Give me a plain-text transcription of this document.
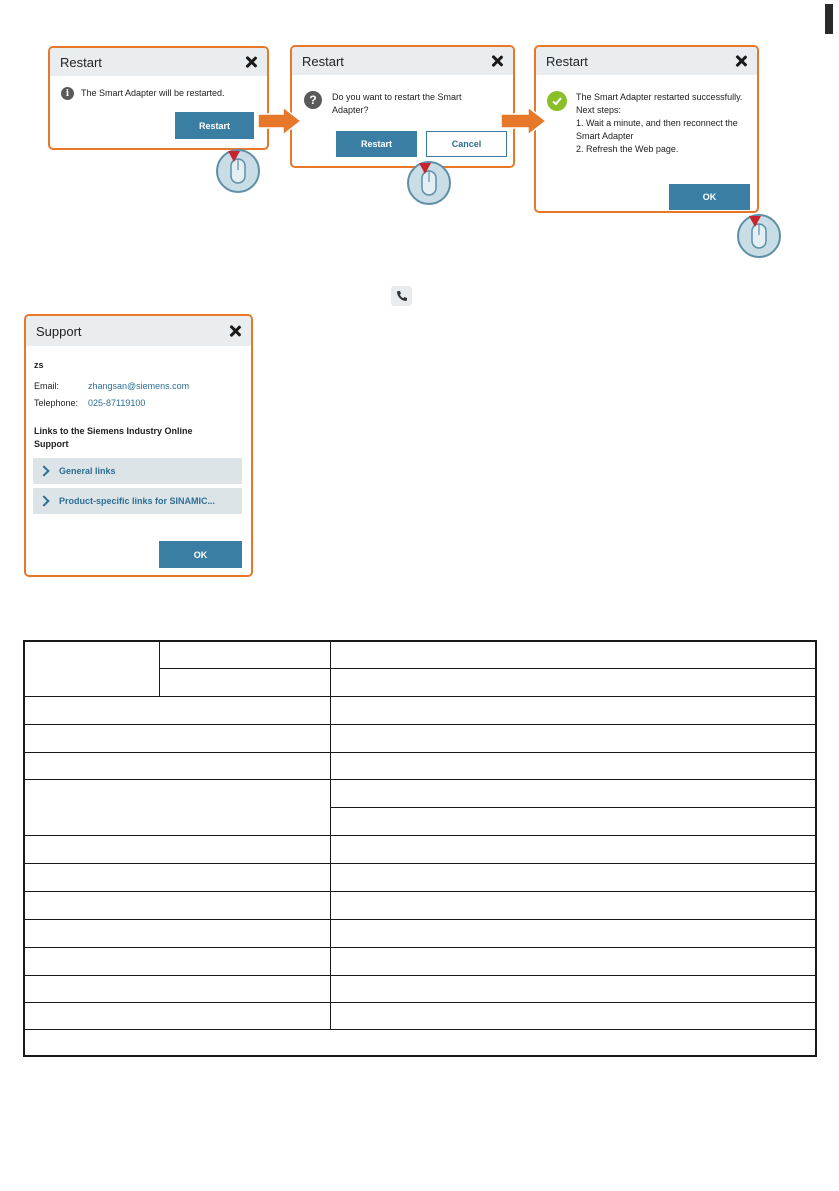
Restart
i	The Smart Adapter will be restarted.
Restart
Restart
?	Do you want to restart the Smart Adapter?
Restart	Cancel
Restart
The Smart Adapter restarted successfully.
Next steps:
1. Wait a minute, and then reconnect the Smart Adapter
2. Refresh the Web page.
OK
Support
zs
Email:	zhangsan@siemens.com
Telephone: 025-87119100
Links to the Siemens Industry Online Support
General links
Product-specific links for SINAMIC...
OK
